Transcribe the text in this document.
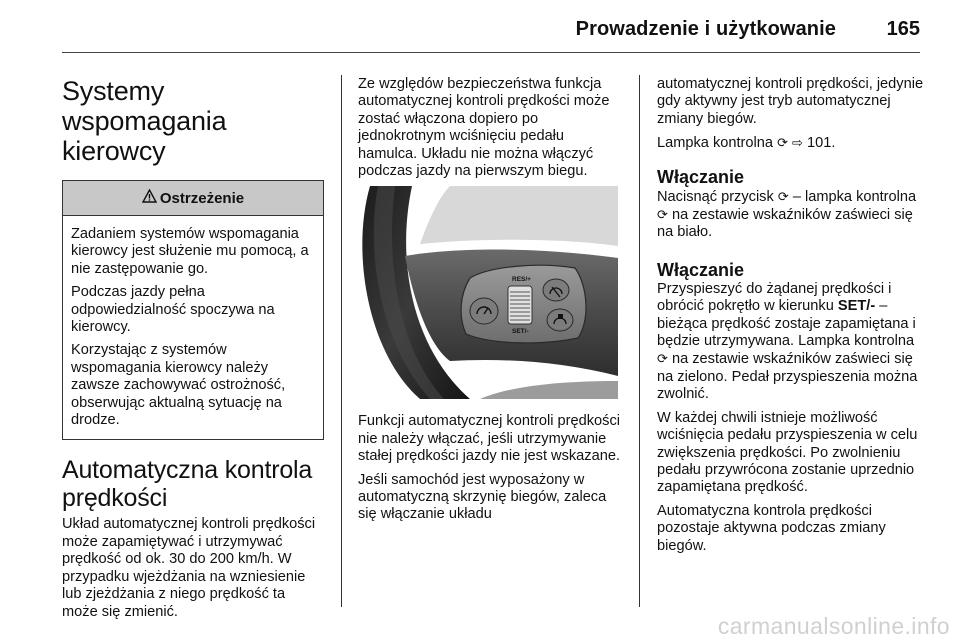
Prowadzenie i użytkowanie	165
Systemy wspomagania kierowcy
Ostrzeżenie

Zadaniem systemów wspomagania kierowcy jest służenie mu pomocą, a nie zastępowanie go.

Podczas jazdy pełna odpowiedzialność spoczywa na kierowcy.

Korzystając z systemów wspomagania kierowcy należy zawsze zachowywać ostrożność, obserwując aktualną sytuację na drodze.

Automatyczna kontrola prędkości

Układ automatycznej kontroli prędkości może zapamiętywać i utrzymywać prędkość od ok. 30 do 200 km/h. W przypadku wjeżdżania na wzniesienie lub zjeżdżania z niego prędkość ta może się zmienić.

Ze względów bezpieczeństwa funkcja automatycznej kontroli prędkości może zostać włączona dopiero po jednokrotnym wciśnięciu pedału hamulca. Układu nie można włączyć podczas jazdy na pierwszym biegu.

RES/+
SET/-

Funkcji automatycznej kontroli prędkości nie należy włączać, jeśli utrzymywanie stałej prędkości jazdy nie jest wskazane.

Jeśli samochód jest wyposażony w automatyczną skrzynię biegów, zaleca się włączanie układu

automatycznej kontroli prędkości, jedynie gdy aktywny jest tryb automatycznej zmiany biegów.

Lampka kontrolna ⟳ ⇨ 101.

Włączanie

Nacisnąć przycisk ⟳ – lampka kontrolna ⟳ na zestawie wskaźników zaświeci się na biało.

Włączanie

Przyspieszyć do żądanej prędkości i obrócić pokrętło w kierunku SET/- – bieżąca prędkość zostaje zapamiętana i będzie utrzymywana. Lampka kontrolna ⟳ na zestawie wskaźników zaświeci się na zielono. Pedał przyspieszenia można zwolnić.

W każdej chwili istnieje możliwość wciśnięcia pedału przyspieszenia w celu zwiększenia prędkości. Po zwolnieniu pedału przywrócona zostanie uprzednio zapamiętana prędkość.

Automatyczna kontrola prędkości pozostaje aktywna podczas zmiany biegów.

carmanualsonline.info
